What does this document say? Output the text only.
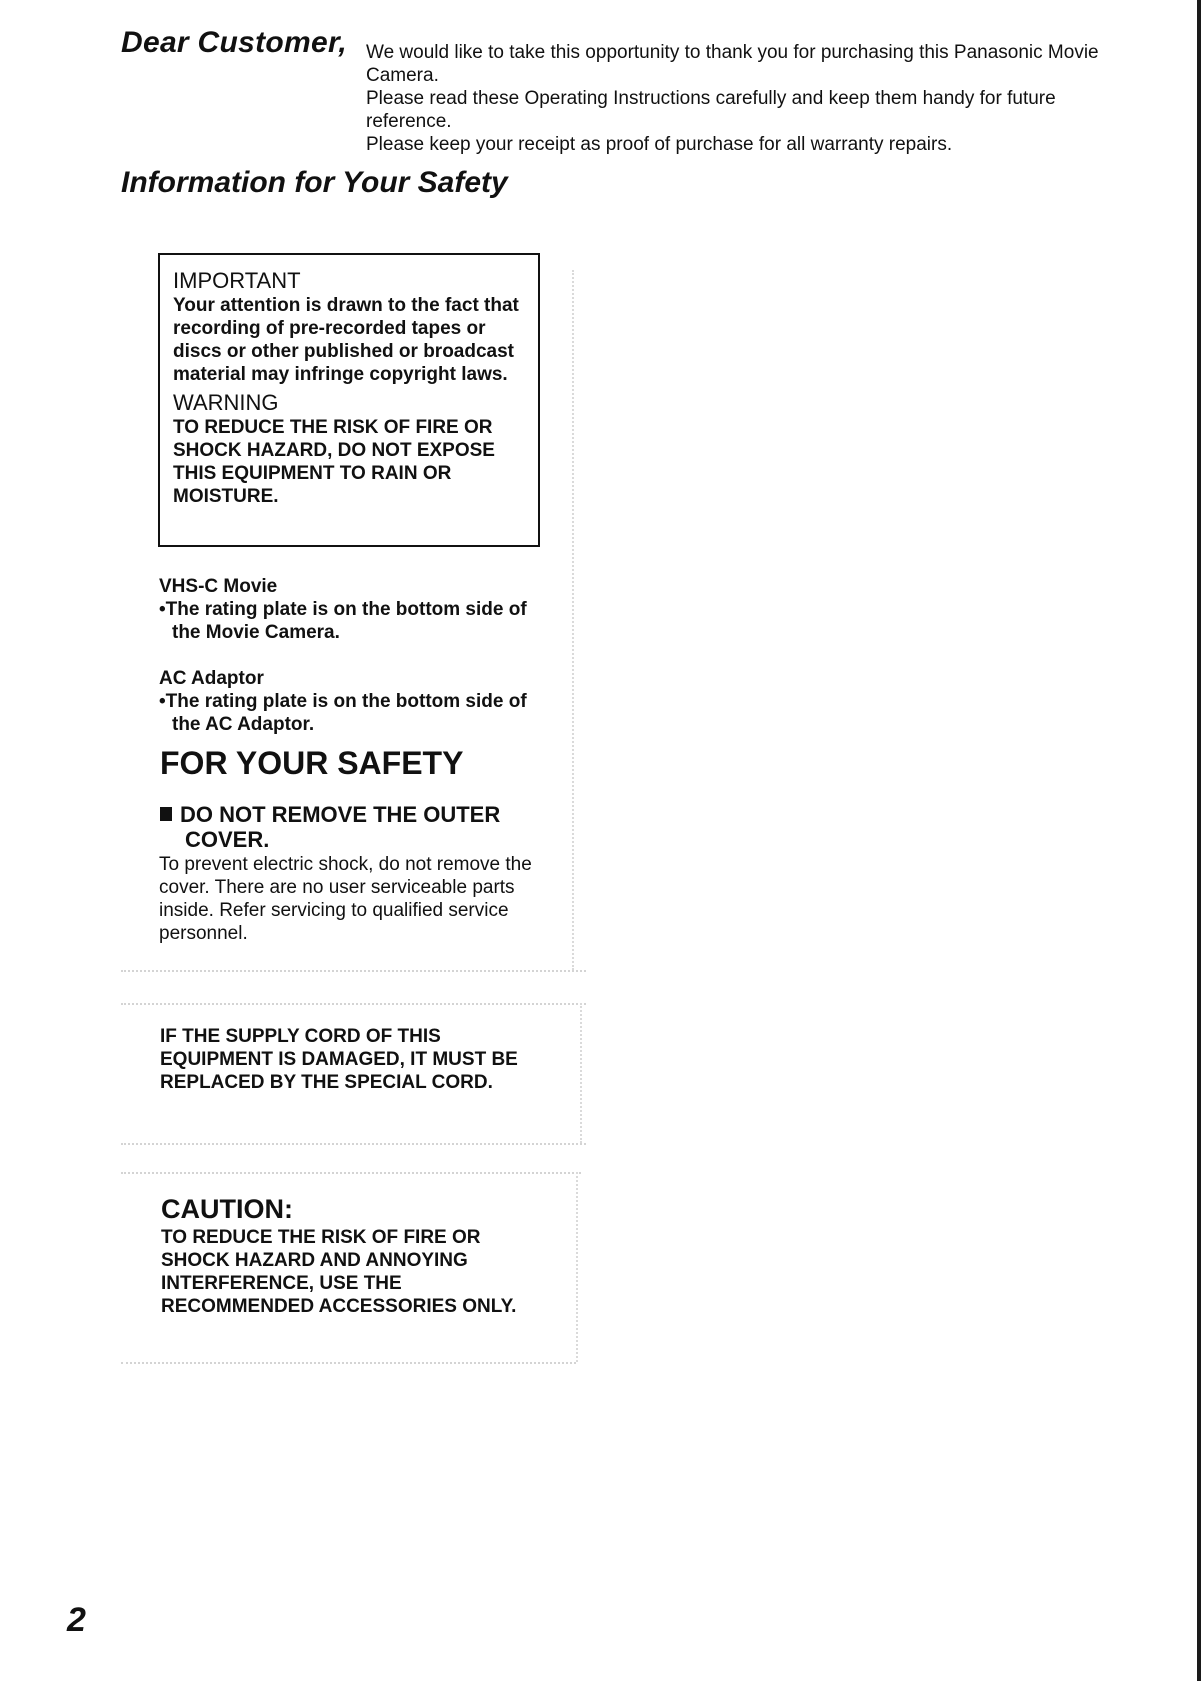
Dear Customer, We would like to take this opportunity to thank you for purchasing this Panasonic Movie Camera.

Please read these Operating Instructions carefully and keep them handy for future reference.

Please keep your receipt as proof of purchase for all warranty repairs.

Information for Your Safety

IMPORTANT

Your attention is drawn to the fact that recording of pre-recorded tapes or discs or other published or broadcast material may infringe copyright laws.

WARNING

TO REDUCE THE RISK OF FIRE OR SHOCK HAZARD, DO NOT EXPOSE THIS EQUIPMENT TO RAIN OR MOISTURE.

VHS-C Movie
•The rating plate is on the bottom side of the Movie Camera.
AC Adaptor
•The rating plate is on the bottom side of the AC Adaptor.
FOR YOUR SAFETY
DO NOT REMOVE THE OUTER
COVER.
To prevent electric shock, do not remove the cover. There are no user serviceable parts inside. Refer servicing to qualified service personnel.
IF THE SUPPLY CORD OF THIS EQUIPMENT IS DAMAGED, IT MUST BE REPLACED BY THE SPECIAL CORD.
CAUTION:
TO REDUCE THE RISK OF FIRE OR SHOCK HAZARD AND ANNOYING INTERFERENCE, USE THE RECOMMENDED ACCESSORIES ONLY.
2
